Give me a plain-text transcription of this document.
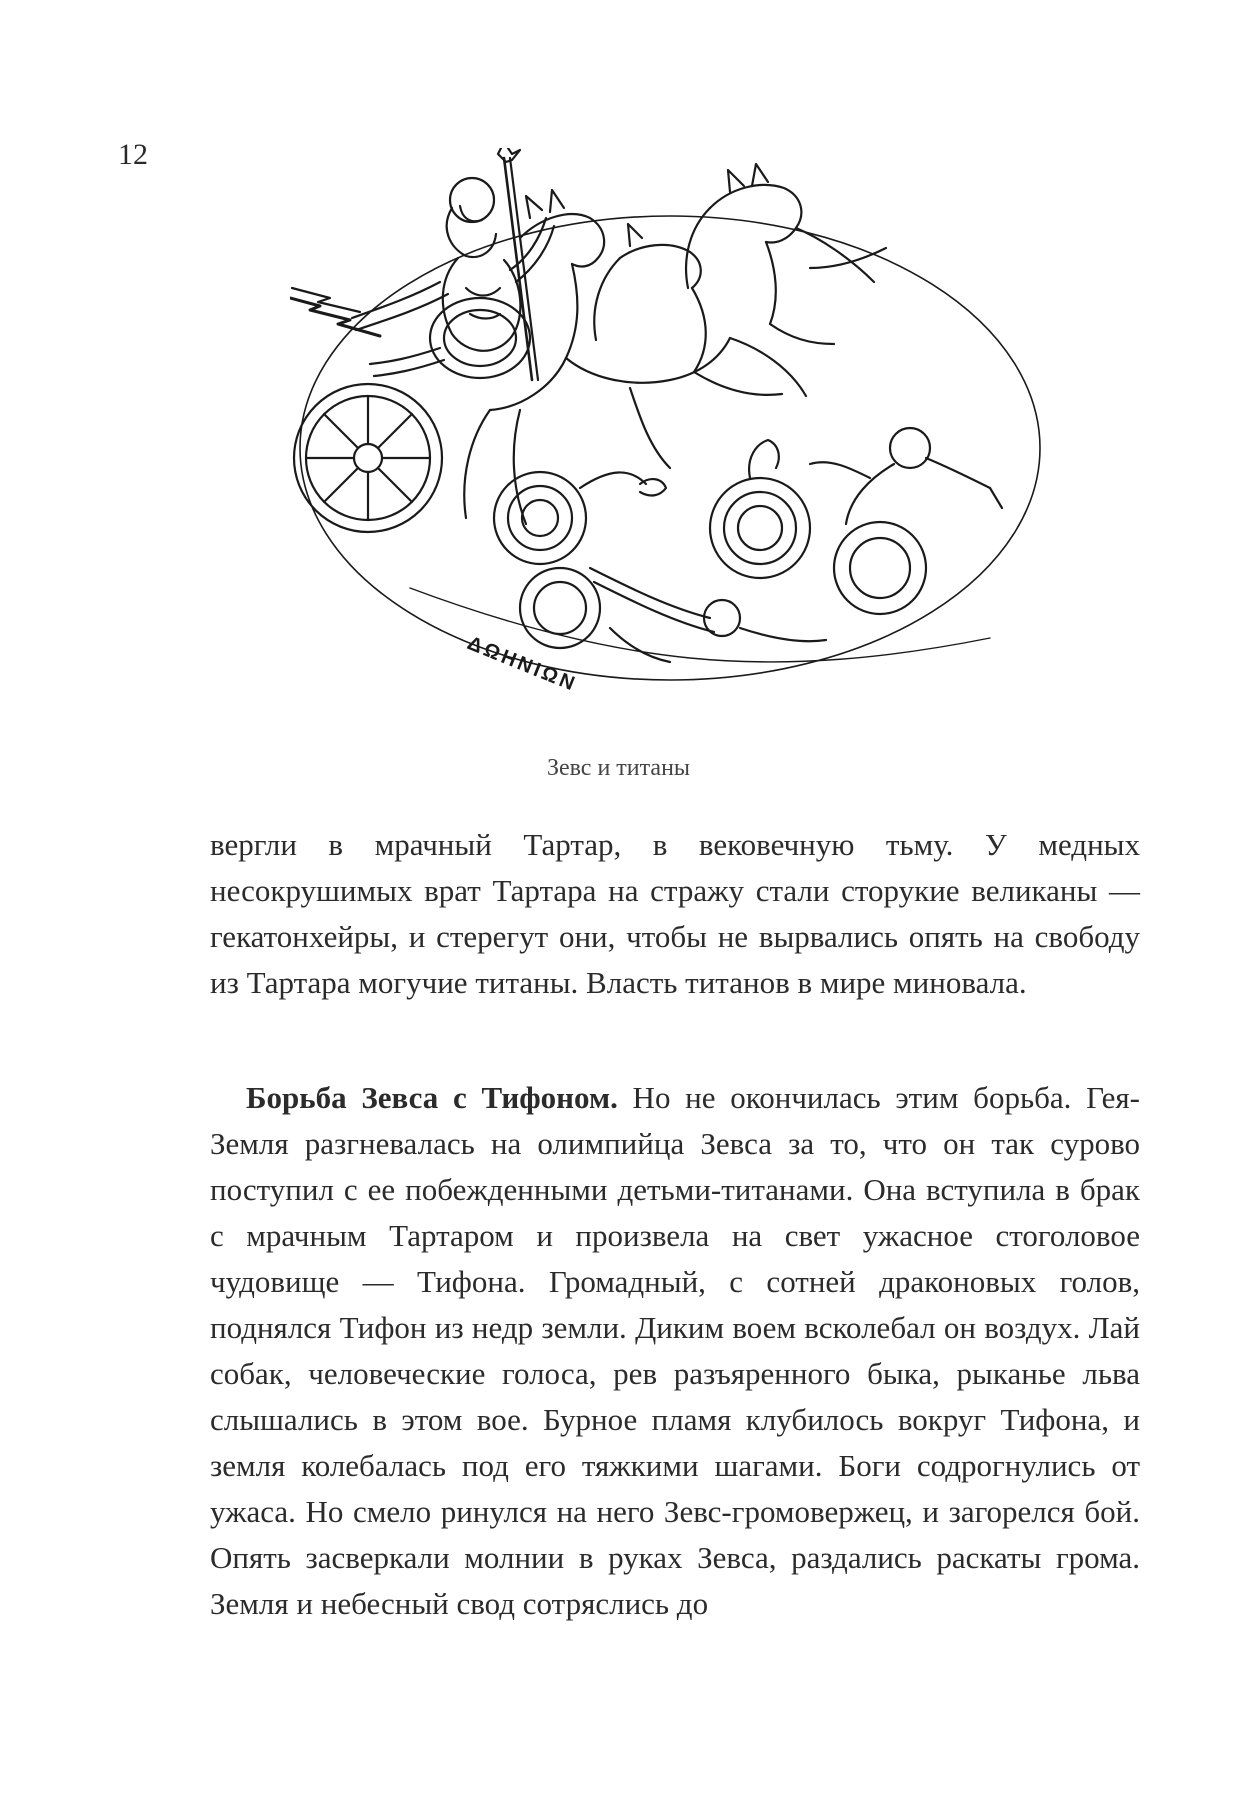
12
ΔΩΗΝΙΩΝ
Зевс и титаны

вергли в мрачный Тартар, в вековечную тьму. У медных несокрушимых врат Тартара на стражу стали сторукие великаны — гекатонхейры, и стерегут они, чтобы не вырвались опять на свободу из Тартара могучие титаны. Власть титанов в мире миновала.

Борьба Зевса с Тифоном. Но не окончилась этим борьба. Гея-Земля разгневалась на олимпийца Зевса за то, что он так сурово поступил с ее побежденными детьми-титанами. Она вступила в брак с мрачным Тартаром и произвела на свет ужасное стоголовое чудовище — Тифона. Громадный, с сотней драконовых голов, поднялся Тифон из недр земли. Диким воем всколебал он воздух. Лай собак, человеческие голоса, рев разъяренного быка, рыканье льва слышались в этом вое. Бурное пламя клубилось вокруг Тифона, и земля колебалась под его тяжкими шагами. Боги содрогнулись от ужаса. Но смело ринулся на него Зевс-громовержец, и загорелся бой. Опять засверкали молнии в руках Зевса, раздались раскаты грома. Земля и небесный свод сотряслись до
